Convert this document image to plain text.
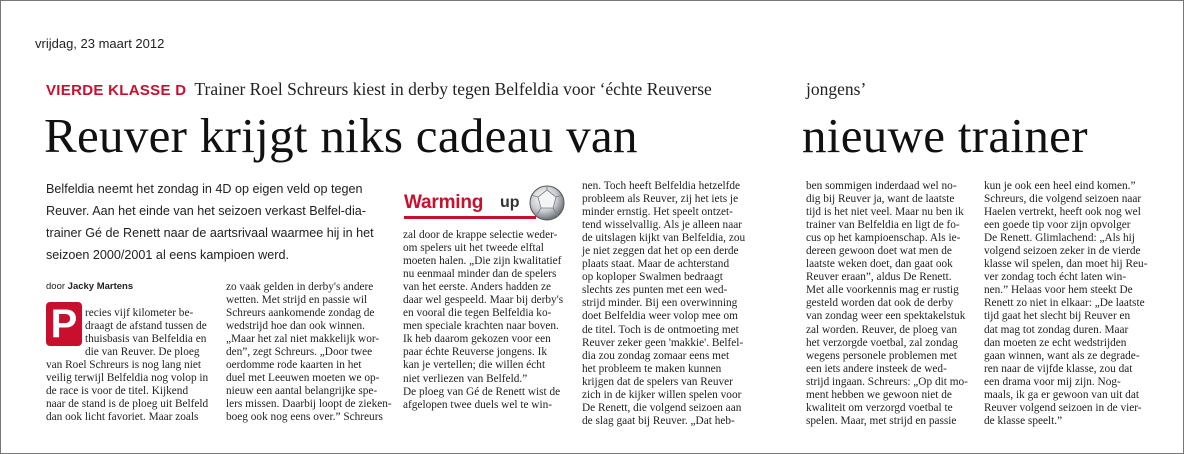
vrijdag, 23 maart 2012
VIERDE KLASSE D Trainer Roel Schreurs kiest in derby tegen Belfeldia voor ‘échte Reuverse	jongens’
Reuver krijgt niks cadeau van	nieuwe trainer

Belfeldia neemt het zondag in 4D op eigen veld op tegen Reuver. Aan het einde van het seizoen verkast Belfel-dia-trainer Gé de Renett naar de aartsrivaal waarmee hij in het seizoen 2000/2001 al eens kampioen werd.

door Jacky Martens
P
Warming up

recies vijf kilometer be-

draagt de afstand tussen de

thuisbasis van Belfeldia en

die van Reuver. De ploeg

van Roel Schreurs is nog lang niet

veilig terwijl Belfeldia nog volop in

de race is voor de titel. Kijkend

naar de stand is de ploeg uit Belfeld

dan ook licht favoriet. Maar zoals

zo vaak gelden in derby's andere

wetten. Met strijd en passie wil

Schreurs aankomende zondag de

wedstrijd hoe dan ook winnen.

„Maar het zal niet makkelijk wor-

den”, zegt Schreurs. „Door twee

oerdomme rode kaarten in het

duel met Leeuwen moeten we op-

nieuw een aantal belangrijke spe-

lers missen. Daarbij loopt de zieken-

boeg ook nog eens over.” Schreurs

zal door de krappe selectie weder-

om spelers uit het tweede elftal

moeten halen. „Die zijn kwalitatief

nu eenmaal minder dan de spelers

van het eerste. Anders hadden ze

daar wel gespeeld. Maar bij derby's

en vooral die tegen Belfeldia ko-

men speciale krachten naar boven.

Ik heb daarom gekozen voor een

paar échte Reuverse jongens. Ik

kan je vertellen; die willen écht

niet verliezen van Belfeld.”

De ploeg van Gé de Renett wist de

afgelopen twee duels wel te win-

nen. Toch heeft Belfeldia hetzelfde

probleem als Reuver, zij het iets je

minder ernstig. Het speelt ontzet-

tend wisselvallig. Als je alleen naar

de uitslagen kijkt van Belfeldia, zou

je niet zeggen dat het op een derde

plaats staat. Maar de achterstand

op koploper Swalmen bedraagt

slechts zes punten met een wed-

strijd minder. Bij een overwinning

doet Belfeldia weer volop mee om

de titel. Toch is de ontmoeting met

Reuver zeker geen 'makkie'. Belfel-

dia zou zondag zomaar eens met

het probleem te maken kunnen

krijgen dat de spelers van Reuver

zich in de kijker willen spelen voor

De Renett, die volgend seizoen aan

de slag gaat bij Reuver. „Dat heb-

ben sommigen inderdaad wel no-

dig bij Reuver ja, want de laatste

tijd is het niet veel. Maar nu ben ik

trainer van Belfeldia en ligt de fo-

cus op het kampioenschap. Als ie-

dereen gewoon doet wat men de

laatste weken doet, dan gaat ook

Reuver eraan”, aldus De Renett.

Met alle voorkennis mag er rustig

gesteld worden dat ook de derby

van zondag weer een spektakelstuk

zal worden. Reuver, de ploeg van

het verzorgde voetbal, zal zondag

wegens personele problemen met

een iets andere insteek de wed-

strijd ingaan. Schreurs: „Op dit mo-

ment hebben we gewoon niet de

kwaliteit om verzorgd voetbal te

spelen. Maar, met strijd en passie

kun je ook een heel eind komen.”

Schreurs, die volgend seizoen naar

Haelen vertrekt, heeft ook nog wel

een goede tip voor zijn opvolger

De Renett. Glimlachend: „Als hij

volgend seizoen zeker in de vierde

klasse wil spelen, dan moet hij Reu-

ver zondag toch écht laten win-

nen.” Helaas voor hem steekt De

Renett zo niet in elkaar: „De laatste

tijd gaat het slecht bij Reuver en

dat mag tot zondag duren. Maar

dan moeten ze echt wedstrijden

gaan winnen, want als ze degrade-

ren naar de vijfde klasse, zou dat

een drama voor mij zijn. Nog-

maals, ik ga er gewoon van uit dat

Reuver volgend seizoen in de vier-

de klasse speelt.”
